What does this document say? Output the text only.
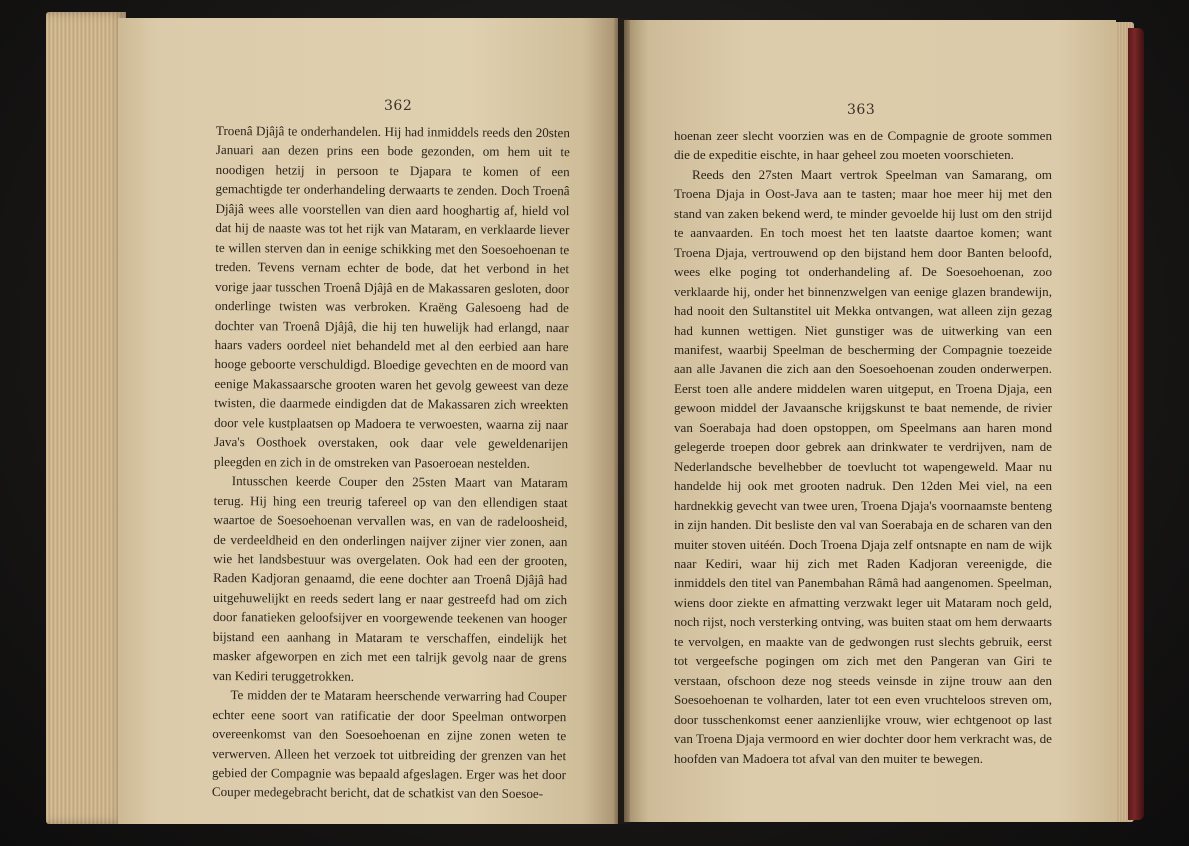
362

Troenâ Djâjâ te onderhandelen. Hij had inmiddels reeds den 20sten Januari aan dezen prins een bode gezonden, om hem uit te noodigen hetzij in persoon te Djapara te komen of een gemachtigde ter onderhandeling derwaarts te zenden. Doch Troenâ Djâjâ wees alle voorstellen van dien aard hooghartig af, hield vol dat hij de naaste was tot het rijk van Mataram, en verklaarde liever te willen sterven dan in eenige schikking met den Soesoehoenan te treden. Tevens vernam echter de bode, dat het verbond in het vorige jaar tusschen Troenâ Djâjâ en de Makassaren gesloten, door onderlinge twisten was verbroken. Kraëng Galesoeng had de dochter van Troenâ Djâjâ, die hij ten huwelijk had erlangd, naar haars vaders oordeel niet behandeld met al den eerbied aan hare hooge geboorte verschuldigd. Bloedige gevechten en de moord van eenige Makassaarsche grooten waren het gevolg geweest van deze twisten, die daarmede eindigden dat de Makassaren zich wreekten door vele kustplaatsen op Madoera te verwoesten, waarna zij naar Java's Oosthoek overstaken, ook daar vele geweldenarijen pleegden en zich in de omstreken van Pasoeroean nestelden.

Intusschen keerde Couper den 25sten Maart van Mataram terug. Hij hing een treurig tafereel op van den ellendigen staat waartoe de Soesoehoenan vervallen was, en van de radeloosheid, de verdeeldheid en den onderlingen naijver zijner vier zonen, aan wie het landsbestuur was overgelaten. Ook had een der grooten, Raden Kadjoran genaamd, die eene dochter aan Troenâ Djâjâ had uitgehuwelijkt en reeds sedert lang er naar gestreefd had om zich door fanatieken geloofsijver en voorgewende teekenen van hooger bijstand een aanhang in Mataram te verschaffen, eindelijk het masker afgeworpen en zich met een talrijk gevolg naar de grens van Kediri teruggetrokken.

Te midden der te Mataram heerschende verwarring had Couper echter eene soort van ratificatie der door Speelman ontworpen overeenkomst van den Soesoehoenan en zijne zonen weten te verwerven. Alleen het verzoek tot uitbreiding der grenzen van het gebied der Compagnie was bepaald afgeslagen. Erger was het door Couper medegebracht bericht, dat de schatkist van den Soesoe-

363

hoenan zeer slecht voorzien was en de Compagnie de groote sommen die de expeditie eischte, in haar geheel zou moeten voorschieten.

Reeds den 27sten Maart vertrok Speelman van Samarang, om Troena Djaja in Oost-Java aan te tasten; maar hoe meer hij met den stand van zaken bekend werd, te minder gevoelde hij lust om den strijd te aanvaarden. En toch moest het ten laatste daartoe komen; want Troena Djaja, vertrouwend op den bijstand hem door Banten beloofd, wees elke poging tot onderhandeling af. De Soesoehoenan, zoo verklaarde hij, onder het binnenzwelgen van eenige glazen brandewijn, had nooit den Sultanstitel uit Mekka ontvangen, wat alleen zijn gezag had kunnen wettigen. Niet gunstiger was de uitwerking van een manifest, waarbij Speelman de bescherming der Compagnie toezeide aan alle Javanen die zich aan den Soesoehoenan zouden onderwerpen. Eerst toen alle andere middelen waren uitgeput, en Troena Djaja, een gewoon middel der Javaansche krijgskunst te baat nemende, de rivier van Soerabaja had doen opstoppen, om Speelmans aan haren mond gelegerde troepen door gebrek aan drinkwater te verdrijven, nam de Nederlandsche bevelhebber de toevlucht tot wapengeweld. Maar nu handelde hij ook met grooten nadruk. Den 12den Mei viel, na een hardnekkig gevecht van twee uren, Troena Djaja's voornaamste benteng in zijn handen. Dit besliste den val van Soerabaja en de scharen van den muiter stoven uitéén. Doch Troena Djaja zelf ontsnapte en nam de wijk naar Kediri, waar hij zich met Raden Kadjoran vereenigde, die inmiddels den titel van Panembahan Râmâ had aangenomen. Speelman, wiens door ziekte en afmatting verzwakt leger uit Mataram noch geld, noch rijst, noch versterking ontving, was buiten staat om hem derwaarts te vervolgen, en maakte van de gedwongen rust slechts gebruik, eerst tot vergeefsche pogingen om zich met den Pangeran van Giri te verstaan, ofschoon deze nog steeds veinsde in zijne trouw aan den Soesoehoenan te volharden, later tot een even vruchteloos streven om, door tusschenkomst eener aanzienlijke vrouw, wier echtgenoot op last van Troena Djaja vermoord en wier dochter door hem verkracht was, de hoofden van Madoera tot afval van den muiter te bewegen.
